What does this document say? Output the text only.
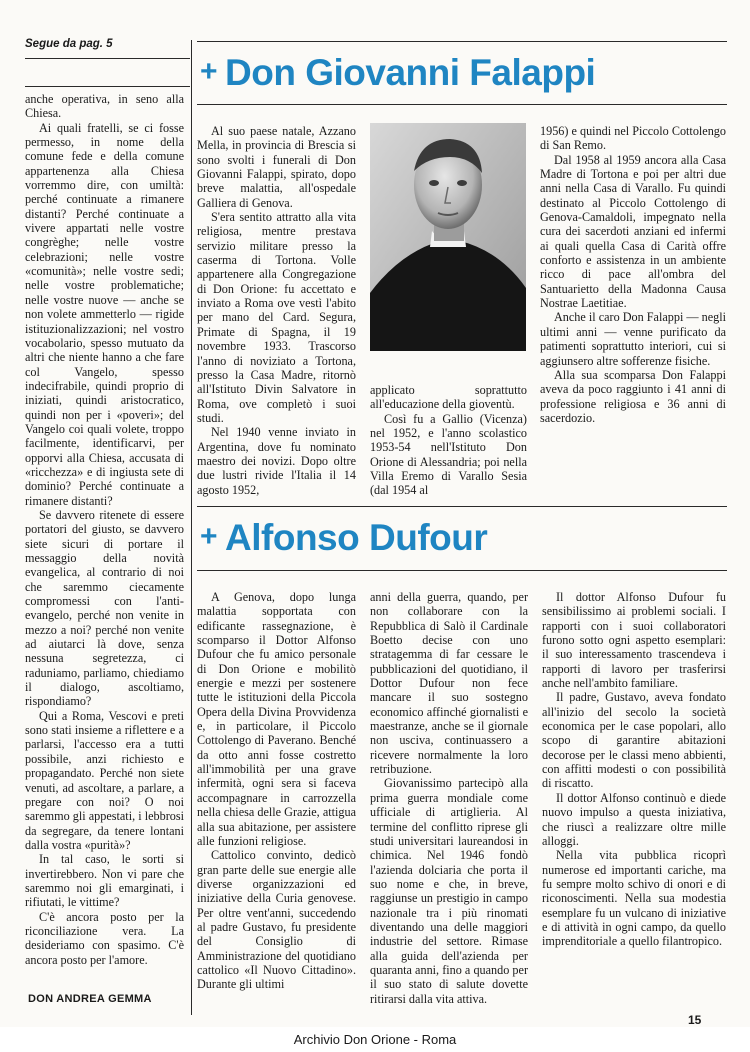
Segue da pag. 5

anche operativa, in seno alla Chiesa.

Ai quali fratelli, se ci fosse permesso, in nome della comune fede e della comune appartenenza alla Chiesa vorremmo dire, con umiltà: perché continuate a rimanere distanti? Perché continuate a vivere appartati nelle vostre congrèghe; nelle vostre celebrazioni; nelle vostre «comunità»; nelle vostre sedi; nelle vostre problematiche; nelle vostre nuove — anche se non volete ammetterlo — rigide istituzionalizzazioni; nel vostro vocabolario, spesso mutuato da altri che niente hanno a che fare col Vangelo, spesso indecifrabile, quindi proprio di iniziati, quindi aristocratico, quindi non per i «poveri»; del Vangelo coi quali volete, troppo facilmente, identificarvi, per opporvi alla Chiesa, accusata di «ricchezza» e di ingiusta sete di dominio? Perché continuate a rimanere distanti?

Se davvero ritenete di essere portatori del giusto, se davvero siete sicuri di portare il messaggio della novità evangelica, al contrario di noi che saremmo ciecamente compromessi con l'anti-evangelo, perché non venite in mezzo a noi? perché non venite ad aiutarci là dove, senza nessuna segretezza, ci raduniamo, parliamo, chiediamo il dialogo, ascoltiamo, rispondiamo?

Qui a Roma, Vescovi e preti sono stati insieme a riflettere e a parlarsi, l'accesso era a tutti possibile, anzi richiesto e propagandato. Perché non siete venuti, ad ascoltare, a parlare, a pregare con noi? O noi saremmo gli appestati, i lebbrosi da segregare, da tenere lontani dalla vostra «purità»?

In tal caso, le sorti si invertirebbero. Non vi pare che saremmo noi gli emarginati, i rifiutati, le vittime?

C'è ancora posto per la riconciliazione vera. La desideriamo con spasimo. C'è ancora posto per l'amore.

DON ANDREA GEMMA
+ Don Giovanni Falappi

Al suo paese natale, Azzano Mella, in provincia di Brescia si sono svolti i funerali di Don Giovanni Falappi, spirato, dopo breve malattia, all'ospedale Galliera di Genova.

S'era sentito attratto alla vita religiosa, mentre prestava servizio militare presso la caserma di Tortona. Volle appartenere alla Congregazione di Don Orione: fu accettato e inviato a Roma ove vestì l'abito per mano del Card. Segura, Primate di Spagna, il 19 novembre 1933. Trascorso l'anno di noviziato a Tortona, presso la Casa Madre, ritornò all'Istituto Divin Salvatore in Roma, ove completò i suoi studi.

Nel 1940 venne inviato in Argentina, dove fu nominato maestro dei novizi. Dopo oltre due lustri rivide l'Italia il 14 agosto 1952,

applicato soprattutto all'educazione della gioventù.

Così fu a Gallio (Vicenza) nel 1952, e l'anno scolastico 1953-54 nell'Istituto Don Orione di Alessandria; poi nella Villa Eremo di Varallo Sesia (dal 1954 al

1956) e quindi nel Piccolo Cottolengo di San Remo.

Dal 1958 al 1959 ancora alla Casa Madre di Tortona e poi per altri due anni nella Casa di Varallo. Fu quindi destinato al Piccolo Cottolengo di Genova-Camaldoli, impegnato nella cura dei sacerdoti anziani ed infermi ai quali quella Casa di Carità offre conforto e assistenza in un ambiente ricco di pace all'ombra del Santuarietto della Madonna Causa Nostrae Laetitiae.

Anche il caro Don Falappi — negli ultimi anni — venne purificato da patimenti soprattutto interiori, cui si aggiunsero altre sofferenze fisiche.

Alla sua scomparsa Don Falappi aveva da poco raggiunto i 41 anni di professione religiosa e 36 anni di sacerdozio.

+ Alfonso Dufour

A Genova, dopo lunga malattia sopportata con edificante rassegnazione, è scomparso il Dottor Alfonso Dufour che fu amico personale di Don Orione e mobilitò energie e mezzi per sostenere tutte le istituzioni della Piccola Opera della Divina Provvidenza e, in particolare, il Piccolo Cottolengo di Paverano. Benché da otto anni fosse costretto all'immobilità per una grave infermità, ogni sera si faceva accompagnare in carrozzella nella chiesa delle Grazie, attigua alla sua abitazione, per assistere alle funzioni religiose.

Cattolico convinto, dedicò gran parte delle sue energie alle diverse organizzazioni ed iniziative della Curia genovese. Per oltre vent'anni, succedendo al padre Gustavo, fu presidente del Consiglio di Amministrazione del quotidiano cattolico «Il Nuovo Cittadino». Durante gli ultimi

anni della guerra, quando, per non collaborare con la Repubblica di Salò il Cardinale Boetto decise con uno stratagemma di far cessare le pubblicazioni del quotidiano, il Dottor Dufour non fece mancare il suo sostegno economico affinché giornalisti e maestranze, anche se il giornale non usciva, continuassero a ricevere normalmente la loro retribuzione.

Giovanissimo partecipò alla prima guerra mondiale come ufficiale di artiglieria. Al termine del conflitto riprese gli studi universitari laureandosi in chimica. Nel 1946 fondò l'azienda dolciaria che porta il suo nome e che, in breve, raggiunse un prestigio in campo nazionale tra i più rinomati diventando una delle maggiori industrie del settore. Rimase alla guida dell'azienda per quaranta anni, fino a quando per il suo stato di salute dovette ritirarsi dalla vita attiva.

Il dottor Alfonso Dufour fu sensibilissimo ai problemi sociali. I rapporti con i suoi collaboratori furono sotto ogni aspetto esemplari: il suo interessamento trascendeva i rapporti di lavoro per trasferirsi anche nell'ambito familiare.

Il padre, Gustavo, aveva fondato all'inizio del secolo la società economica per le case popolari, allo scopo di garantire abitazioni decorose per le classi meno abbienti, con affitti modesti o con possibilità di riscatto.

Il dottor Alfonso continuò e diede nuovo impulso a questa iniziativa, che riuscì a realizzare oltre mille alloggi.

Nella vita pubblica ricoprì numerose ed importanti cariche, ma fu sempre molto schivo di onori e di riconoscimenti. Nella sua modestia esemplare fu un vulcano di iniziative e di attività in ogni campo, da quello imprenditoriale a quello filantropico.

15
Archivio Don Orione - Roma
